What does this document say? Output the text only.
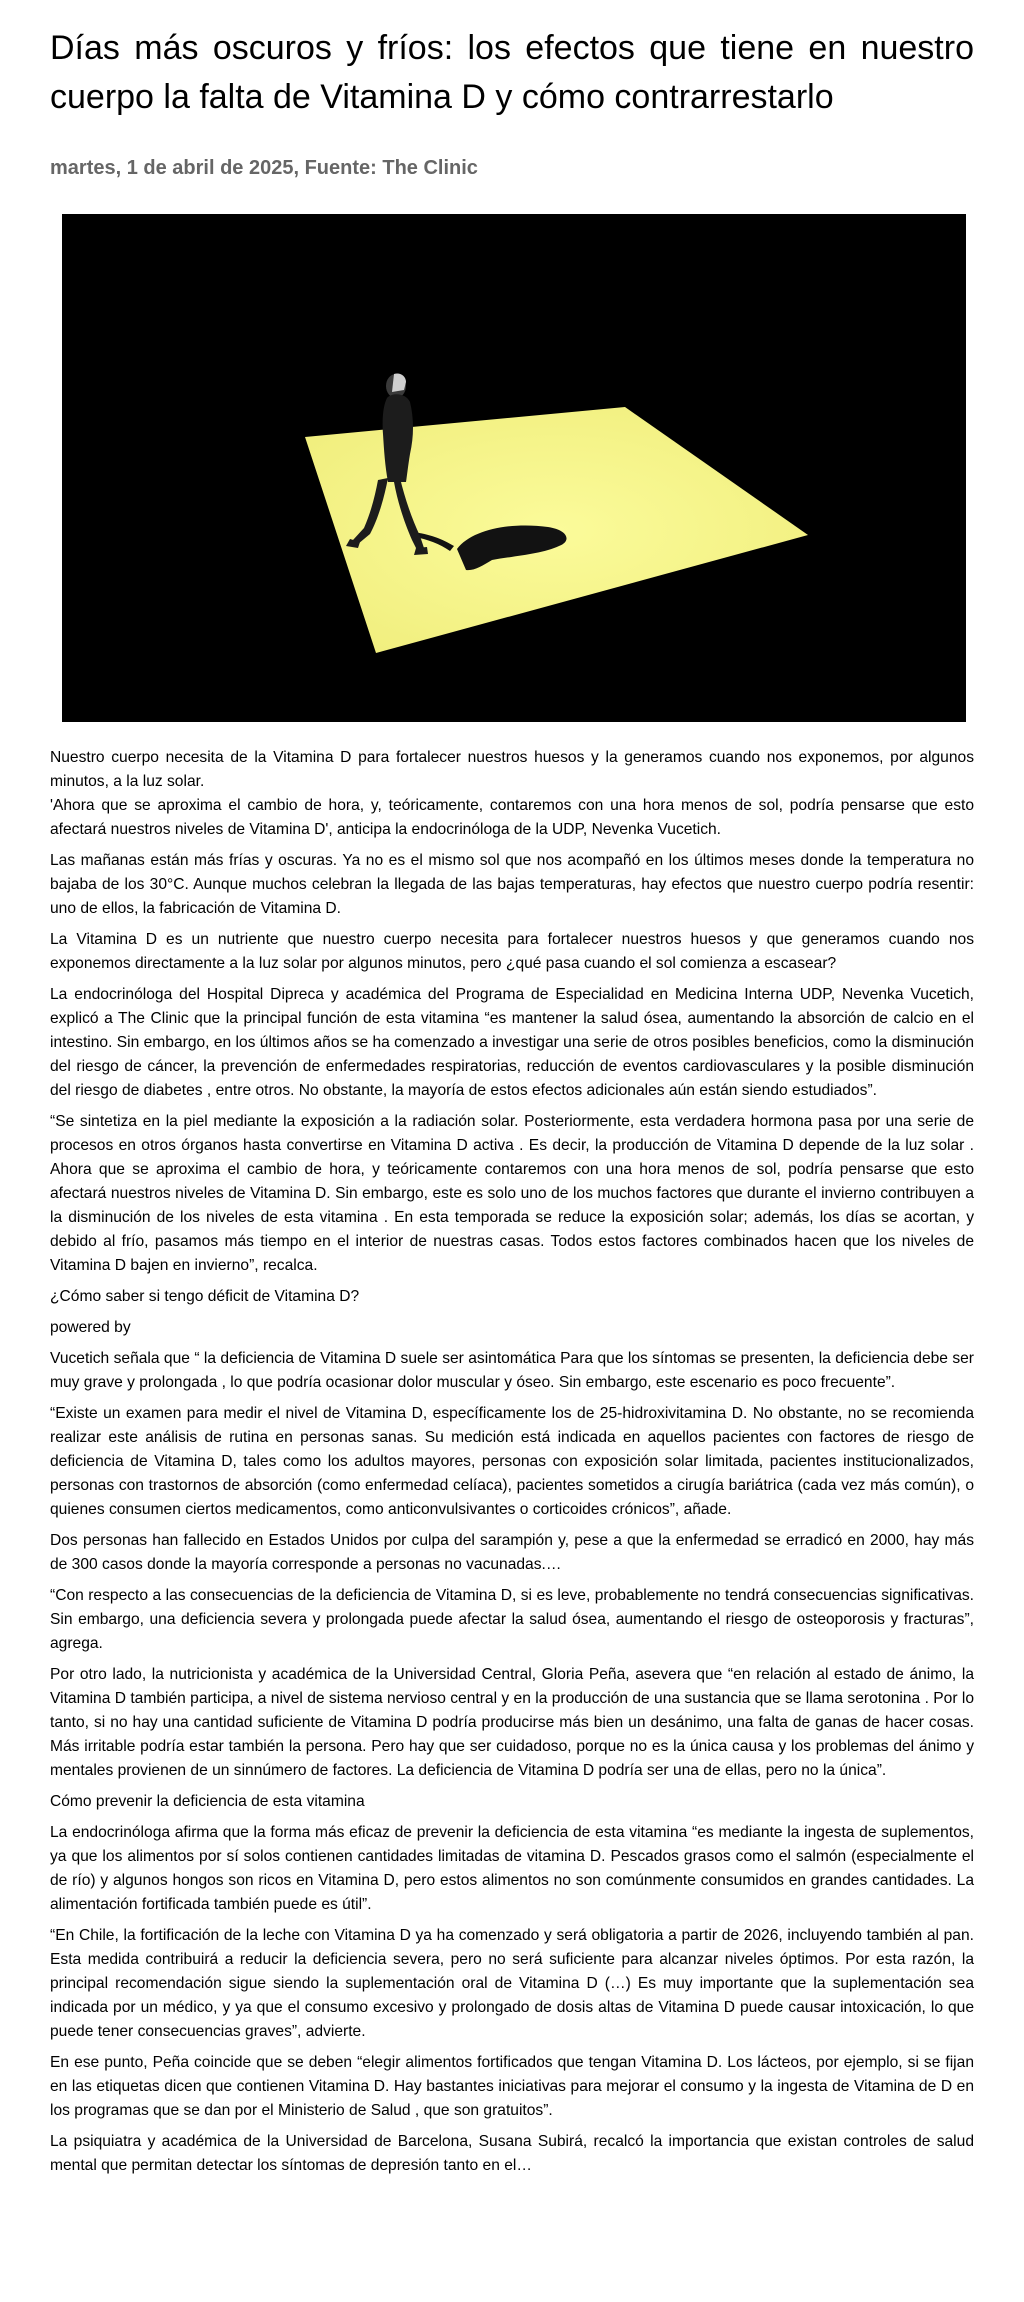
Días más oscuros y fríos: los efectos que tiene en nuestro cuerpo la falta de Vitamina D y cómo contrarrestarlo
martes, 1 de abril de 2025, Fuente: The Clinic

Nuestro cuerpo necesita de la Vitamina D para fortalecer nuestros huesos y la generamos cuando nos exponemos, por algunos minutos, a la luz solar.
'Ahora que se aproxima el cambio de hora, y, teóricamente, contaremos con una hora menos de sol, podría pensarse que esto afectará nuestros niveles de Vitamina D', anticipa la endocrinóloga de la UDP, Nevenka Vucetich.

Las mañanas están más frías y oscuras. Ya no es el mismo sol que nos acompañó en los últimos meses donde la temperatura no bajaba de los 30°C. Aunque muchos celebran la llegada de las bajas temperaturas, hay efectos que nuestro cuerpo podría resentir: uno de ellos, la fabricación de Vitamina D.

La Vitamina D es un nutriente que nuestro cuerpo necesita para fortalecer nuestros huesos y que generamos cuando nos exponemos directamente a la luz solar por algunos minutos, pero ¿qué pasa cuando el sol comienza a escasear?

La endocrinóloga del Hospital Dipreca y académica del Programa de Especialidad en Medicina Interna UDP, Nevenka Vucetich, explicó a The Clinic que la principal función de esta vitamina “es mantener la salud ósea, aumentando la absorción de calcio en el intestino. Sin embargo, en los últimos años se ha comenzado a investigar una serie de otros posibles beneficios, como la disminución del riesgo de cáncer, la prevención de enfermedades respiratorias, reducción de eventos cardiovasculares y la posible disminución del riesgo de diabetes , entre otros. No obstante, la mayoría de estos efectos adicionales aún están siendo estudiados”.

“Se sintetiza en la piel mediante la exposición a la radiación solar. Posteriormente, esta verdadera hormona pasa por una serie de procesos en otros órganos hasta convertirse en Vitamina D activa . Es decir, la producción de Vitamina D depende de la luz solar . Ahora que se aproxima el cambio de hora, y teóricamente contaremos con una hora menos de sol, podría pensarse que esto afectará nuestros niveles de Vitamina D. Sin embargo, este es solo uno de los muchos factores que durante el invierno contribuyen a la disminución de los niveles de esta vitamina . En esta temporada se reduce la exposición solar; además, los días se acortan, y debido al frío, pasamos más tiempo en el interior de nuestras casas. Todos estos factores combinados hacen que los niveles de Vitamina D bajen en invierno”, recalca.

¿Cómo saber si tengo déficit de Vitamina D?

powered by

Vucetich señala que “ la deficiencia de Vitamina D suele ser asintomática Para que los síntomas se presenten, la deficiencia debe ser muy grave y prolongada , lo que podría ocasionar dolor muscular y óseo. Sin embargo, este escenario es poco frecuente”.

“Existe un examen para medir el nivel de Vitamina D, específicamente los de 25-hidroxivitamina D. No obstante, no se recomienda realizar este análisis de rutina en personas sanas. Su medición está indicada en aquellos pacientes con factores de riesgo de deficiencia de Vitamina D, tales como los adultos mayores, personas con exposición solar limitada, pacientes institucionalizados, personas con trastornos de absorción (como enfermedad celíaca), pacientes sometidos a cirugía bariátrica (cada vez más común), o quienes consumen ciertos medicamentos, como anticonvulsivantes o corticoides crónicos”, añade.

Dos personas han fallecido en Estados Unidos por culpa del sarampión y, pese a que la enfermedad se erradicó en 2000, hay más de 300 casos donde la mayoría corresponde a personas no vacunadas.…

“Con respecto a las consecuencias de la deficiencia de Vitamina D, si es leve, probablemente no tendrá consecuencias significativas. Sin embargo, una deficiencia severa y prolongada puede afectar la salud ósea, aumentando el riesgo de osteoporosis y fracturas”, agrega.

Por otro lado, la nutricionista y académica de la Universidad Central, Gloria Peña, asevera que “en relación al estado de ánimo, la Vitamina D también participa, a nivel de sistema nervioso central y en la producción de una sustancia que se llama serotonina . Por lo tanto, si no hay una cantidad suficiente de Vitamina D podría producirse más bien un desánimo, una falta de ganas de hacer cosas. Más irritable podría estar también la persona. Pero hay que ser cuidadoso, porque no es la única causa y los problemas del ánimo y mentales provienen de un sinnúmero de factores. La deficiencia de Vitamina D podría ser una de ellas, pero no la única”.

Cómo prevenir la deficiencia de esta vitamina

La endocrinóloga afirma que la forma más eficaz de prevenir la deficiencia de esta vitamina “es mediante la ingesta de suplementos, ya que los alimentos por sí solos contienen cantidades limitadas de vitamina D. Pescados grasos como el salmón (especialmente el de río) y algunos hongos son ricos en Vitamina D, pero estos alimentos no son comúnmente consumidos en grandes cantidades. La alimentación fortificada también puede es útil”.

“En Chile, la fortificación de la leche con Vitamina D ya ha comenzado y será obligatoria a partir de 2026, incluyendo también al pan. Esta medida contribuirá a reducir la deficiencia severa, pero no será suficiente para alcanzar niveles óptimos. Por esta razón, la principal recomendación sigue siendo la suplementación oral de Vitamina D (…) Es muy importante que la suplementación sea indicada por un médico, y ya que el consumo excesivo y prolongado de dosis altas de Vitamina D puede causar intoxicación, lo que puede tener consecuencias graves”, advierte.

En ese punto, Peña coincide que se deben “elegir alimentos fortificados que tengan Vitamina D. Los lácteos, por ejemplo, si se fijan en las etiquetas dicen que contienen Vitamina D. Hay bastantes iniciativas para mejorar el consumo y la ingesta de Vitamina de D en los programas que se dan por el Ministerio de Salud , que son gratuitos”.

La psiquiatra y académica de la Universidad de Barcelona, Susana Subirá, recalcó la importancia que existan controles de salud mental que permitan detectar los síntomas de depresión tanto en el…
